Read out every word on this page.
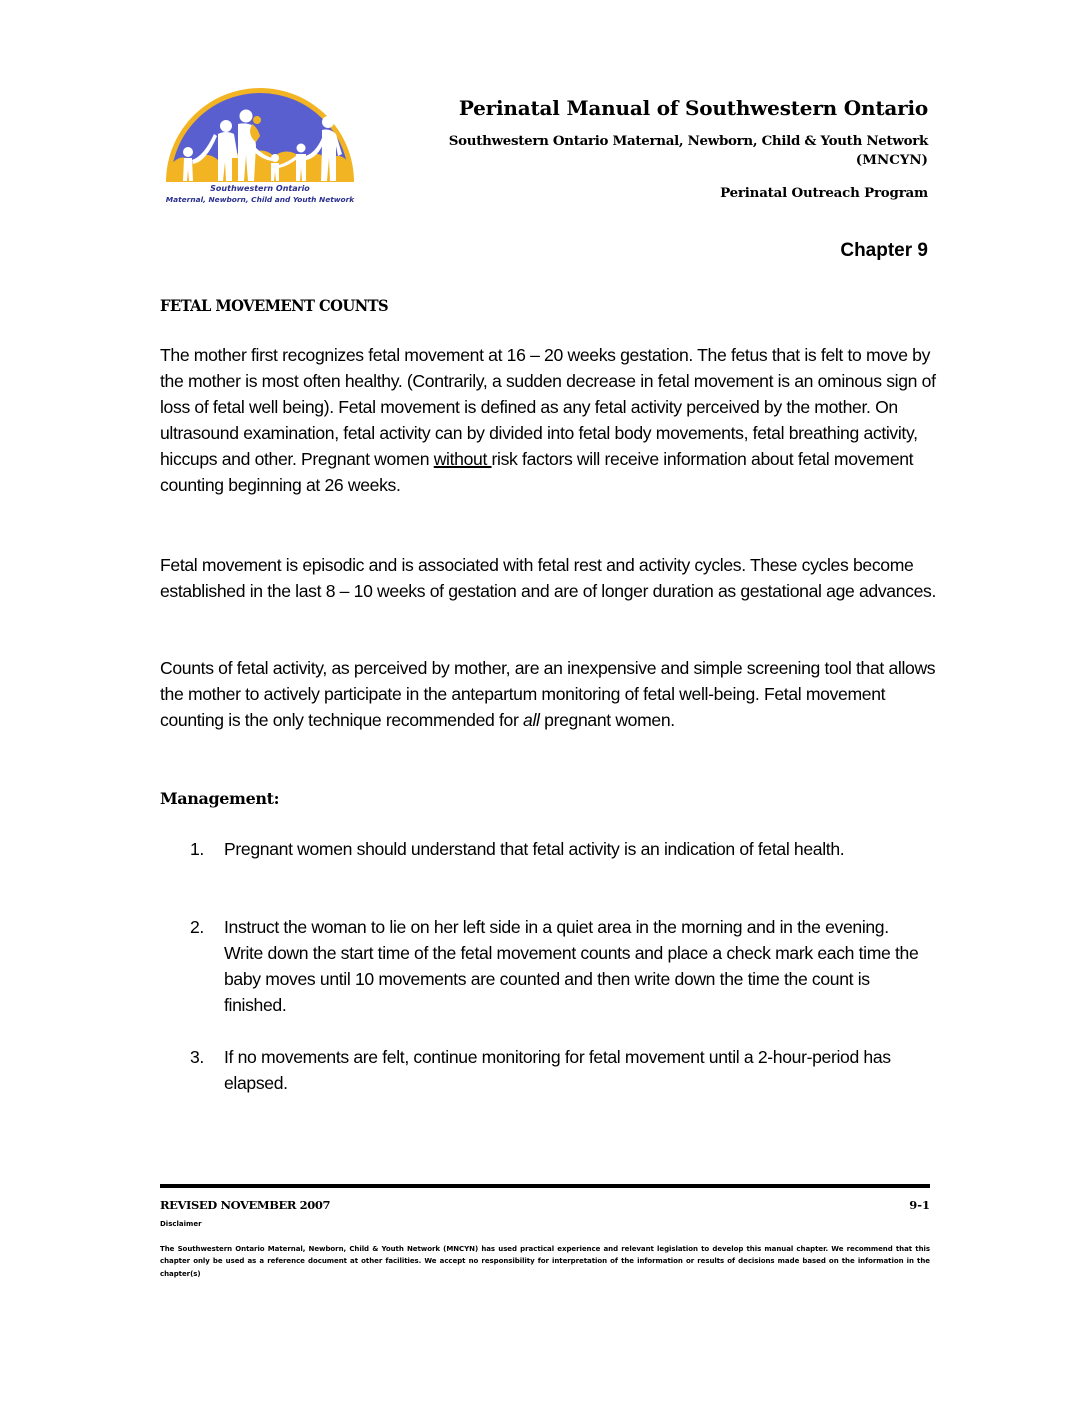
Southwestern Ontario
Maternal, Newborn, Child and Youth Network
Perinatal Manual of Southwestern Ontario
Southwestern Ontario Maternal, Newborn, Child & Youth Network
(MNCYN)
Perinatal Outreach Program
Chapter 9
FETAL MOVEMENT COUNTS
The mother first recognizes fetal movement at 16 – 20 weeks gestation. The fetus that is felt to move by the mother is most often healthy. (Contrarily, a sudden decrease in fetal movement is an ominous sign of loss of fetal well being). Fetal movement is defined as any fetal activity perceived by the mother. On ultrasound examination, fetal activity can by divided into fetal body movements, fetal breathing activity, hiccups and other. Pregnant women without risk factors will receive information about fetal movement counting beginning at 26 weeks.
Fetal movement is episodic and is associated with fetal rest and activity cycles. These cycles become established in the last 8 – 10 weeks of gestation and are of longer duration as gestational age advances.
Counts of fetal activity, as perceived by mother, are an inexpensive and simple screening tool that allows the mother to actively participate in the antepartum monitoring of fetal well-being. Fetal movement counting is the only technique recommended for all pregnant women.
Management:
1. Pregnant women should understand that fetal activity is an indication of fetal health.
2. Instruct the woman to lie on her left side in a quiet area in the morning and in the evening. Write down the start time of the fetal movement counts and place a check mark each time the baby moves until 10 movements are counted and then write down the time the count is finished.
3. If no movements are felt, continue monitoring for fetal movement until a 2-hour-period has elapsed.
REVISED NOVEMBER 2007	9-1
Disclaimer
The Southwestern Ontario Maternal, Newborn, Child & Youth Network (MNCYN) has used practical experience and relevant legislation to develop this manual chapter. We recommend that this chapter only be used as a reference document at other facilities. We accept no responsibility for interpretation of the information or results of decisions made based on the information in the chapter(s)
